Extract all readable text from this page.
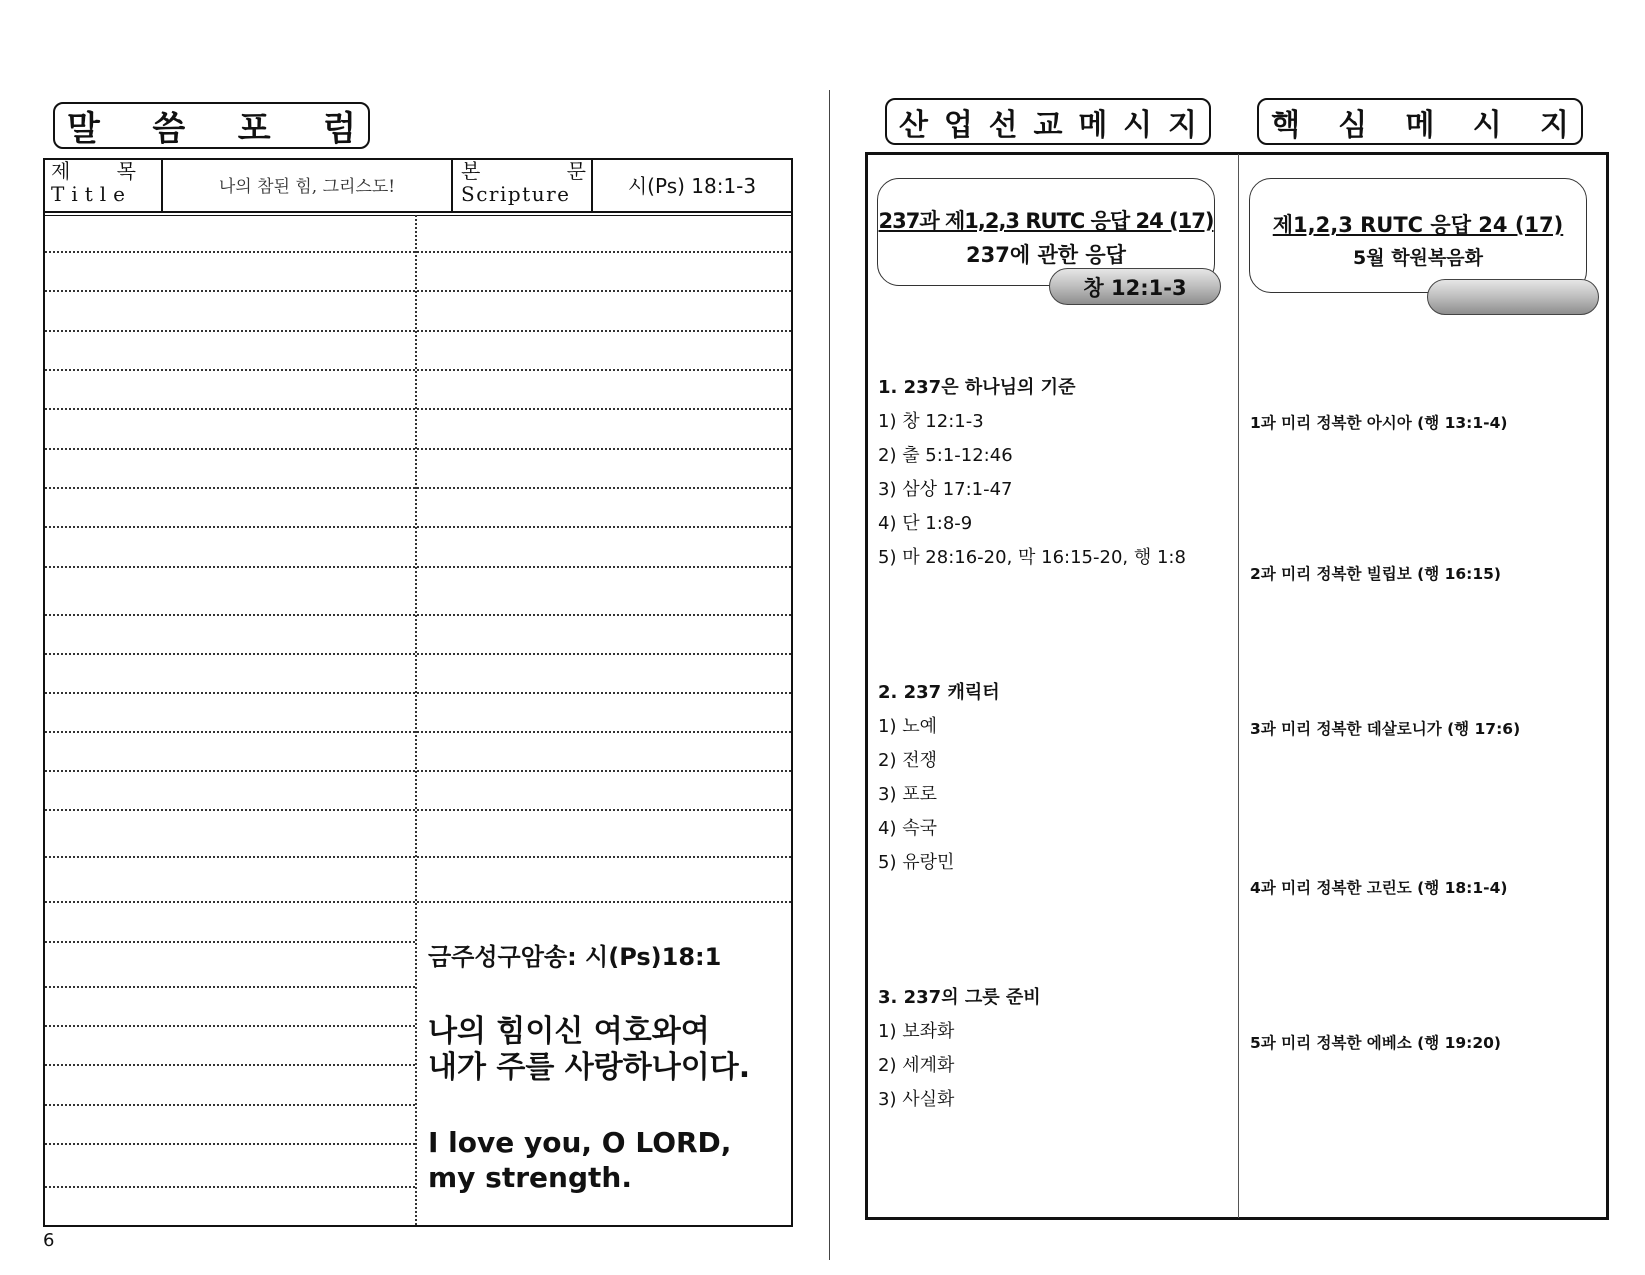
말 씀 포 럼
제 목
Title	나의 참된 힘, 그리스도!
본 문
Scripture	시(Ps) 18:1-3
금주성구암송: 시(Ps)18:1
나의 힘이신 여호와여
내가 주를 사랑하나이다.
I love you, O LORD,
my strength.
6
산 업 선 교 메 시 지 핵 심 메 시 지
237과 제1,2,3 RUTC 응답 24 (17)
237에 관한 응답
창 12:1-3
제1,2,3 RUTC 응답 24 (17)
5월 학원복음화
1. 237은 하나님의 기준
1) 창 12:1-3
2) 출 5:1-12:46
3) 삼상 17:1-47
4) 단 1:8-9
5) 마 28:16-20, 막 16:15-20, 행 1:8
2. 237 캐릭터
1) 노예
2) 전쟁
3) 포로
4) 속국
5) 유랑민
3. 237의 그릇 준비
1) 보좌화
2) 세계화
3) 사실화
1과 미리 정복한 아시아 (행 13:1-4)
2과 미리 정복한 빌립보 (행 16:15)
3과 미리 정복한 데살로니가 (행 17:6)
4과 미리 정복한 고린도 (행 18:1-4)
5과 미리 정복한 에베소 (행 19:20)
